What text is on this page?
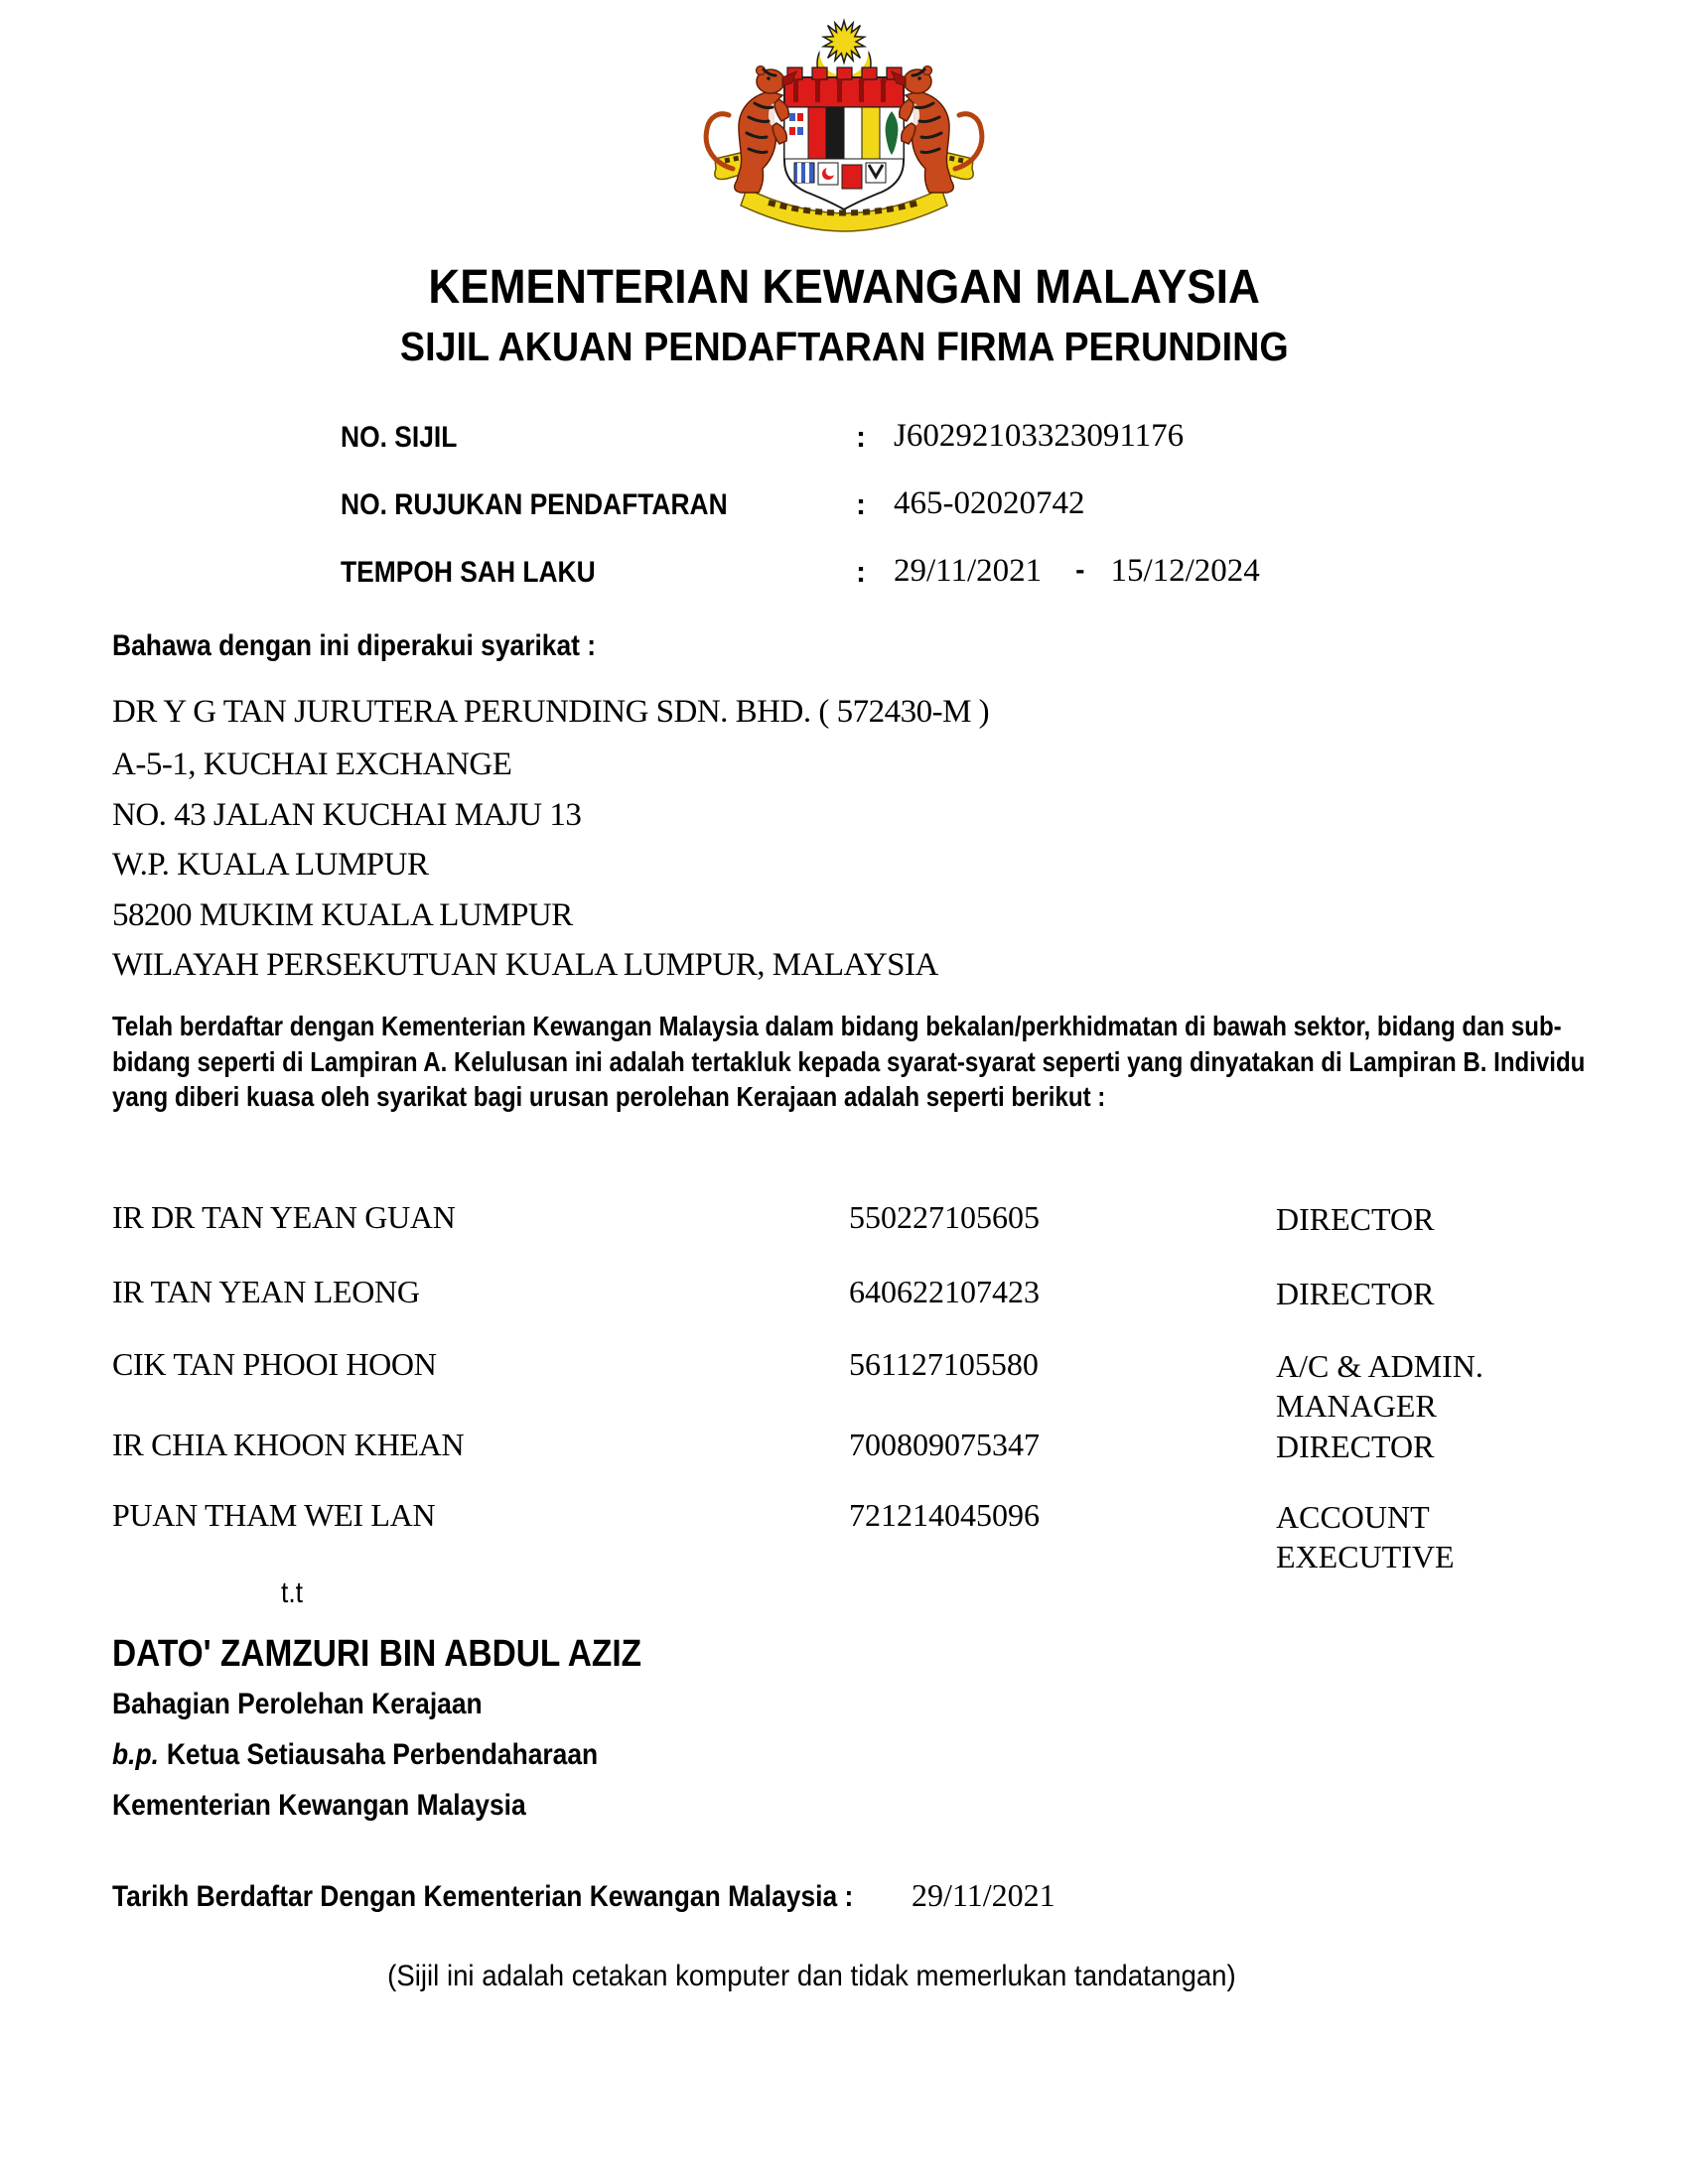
KEMENTERIAN KEWANGAN MALAYSIA
SIJIL AKUAN PENDAFTARAN FIRMA PERUNDING
NO. SIJIL	: J60292103323091176
NO. RUJUKAN PENDAFTARAN	: 465-02020742
TEMPOH SAH LAKU	: 29/11/2021 - 15/12/2024
Bahawa dengan ini diperakui syarikat :
DR Y G TAN JURUTERA PERUNDING SDN. BHD. ( 572430-M )
A-5-1, KUCHAI EXCHANGE
NO. 43 JALAN KUCHAI MAJU 13
W.P. KUALA LUMPUR
58200 MUKIM KUALA LUMPUR
WILAYAH PERSEKUTUAN KUALA LUMPUR, MALAYSIA
Telah berdaftar dengan Kementerian Kewangan Malaysia dalam bidang bekalan/perkhidmatan di bawah sektor, bidang dan sub-bidang seperti di Lampiran A. Kelulusan ini adalah tertakluk kepada syarat-syarat seperti yang dinyatakan di Lampiran B. Individu yang diberi kuasa oleh syarikat bagi urusan perolehan Kerajaan adalah seperti berikut :
IR DR TAN YEAN GUAN	550227105605	DIRECTOR
IR TAN YEAN LEONG	640622107423	DIRECTOR
CIK TAN PHOOI HOON	561127105580	A/C & ADMIN. MANAGER
IR CHIA KHOON KHEAN	700809075347	DIRECTOR
PUAN THAM WEI LAN	721214045096	ACCOUNT EXECUTIVE
t.t
DATO' ZAMZURI BIN ABDUL AZIZ
Bahagian Perolehan Kerajaan
b.p. Ketua Setiausaha Perbendaharaan
Kementerian Kewangan Malaysia
Tarikh Berdaftar Dengan Kementerian Kewangan Malaysia :	29/11/2021
(Sijil ini adalah cetakan komputer dan tidak memerlukan tandatangan)
